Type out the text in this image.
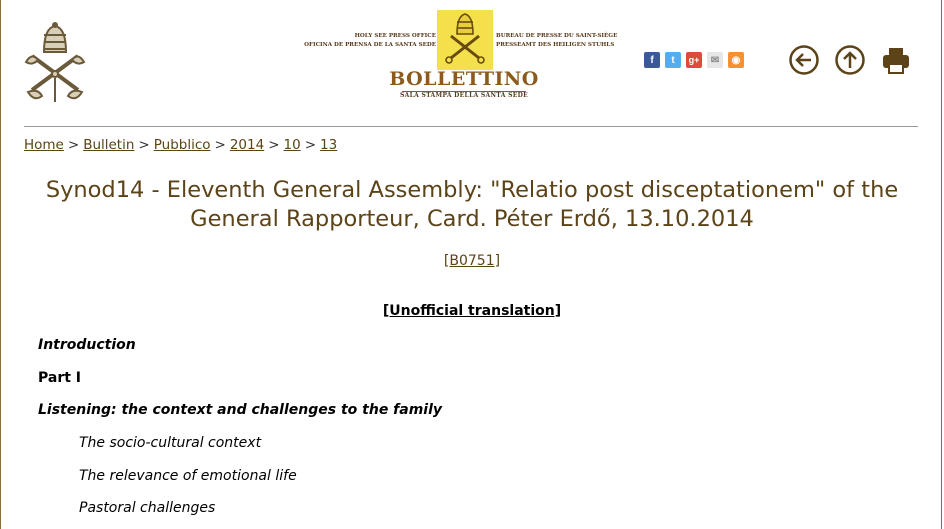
HOLY SEE PRESS OFFICE
OFICINA DE PRENSA DE LA SANTA SEDE
BUREAU DE PRESSE DU SAINT-SIÈGE
PRESSEAMT DES HEILIGEN STUHLS
BOLLETTINO
SALA STAMPA DELLA SANTA SEDE
f	t	g+	✉	◉
Home > Bulletin > Pubblico > 2014 > 10 > 13
Synod14 - Eleventh General Assembly: "Relatio post disceptationem" of the
General Rapporteur, Card. Péter Erdő, 13.10.2014
[B0751]
[Unofficial translation]
Introduction
Part I
Listening: the context and challenges to the family
The socio-cultural context
The relevance of emotional life
Pastoral challenges
